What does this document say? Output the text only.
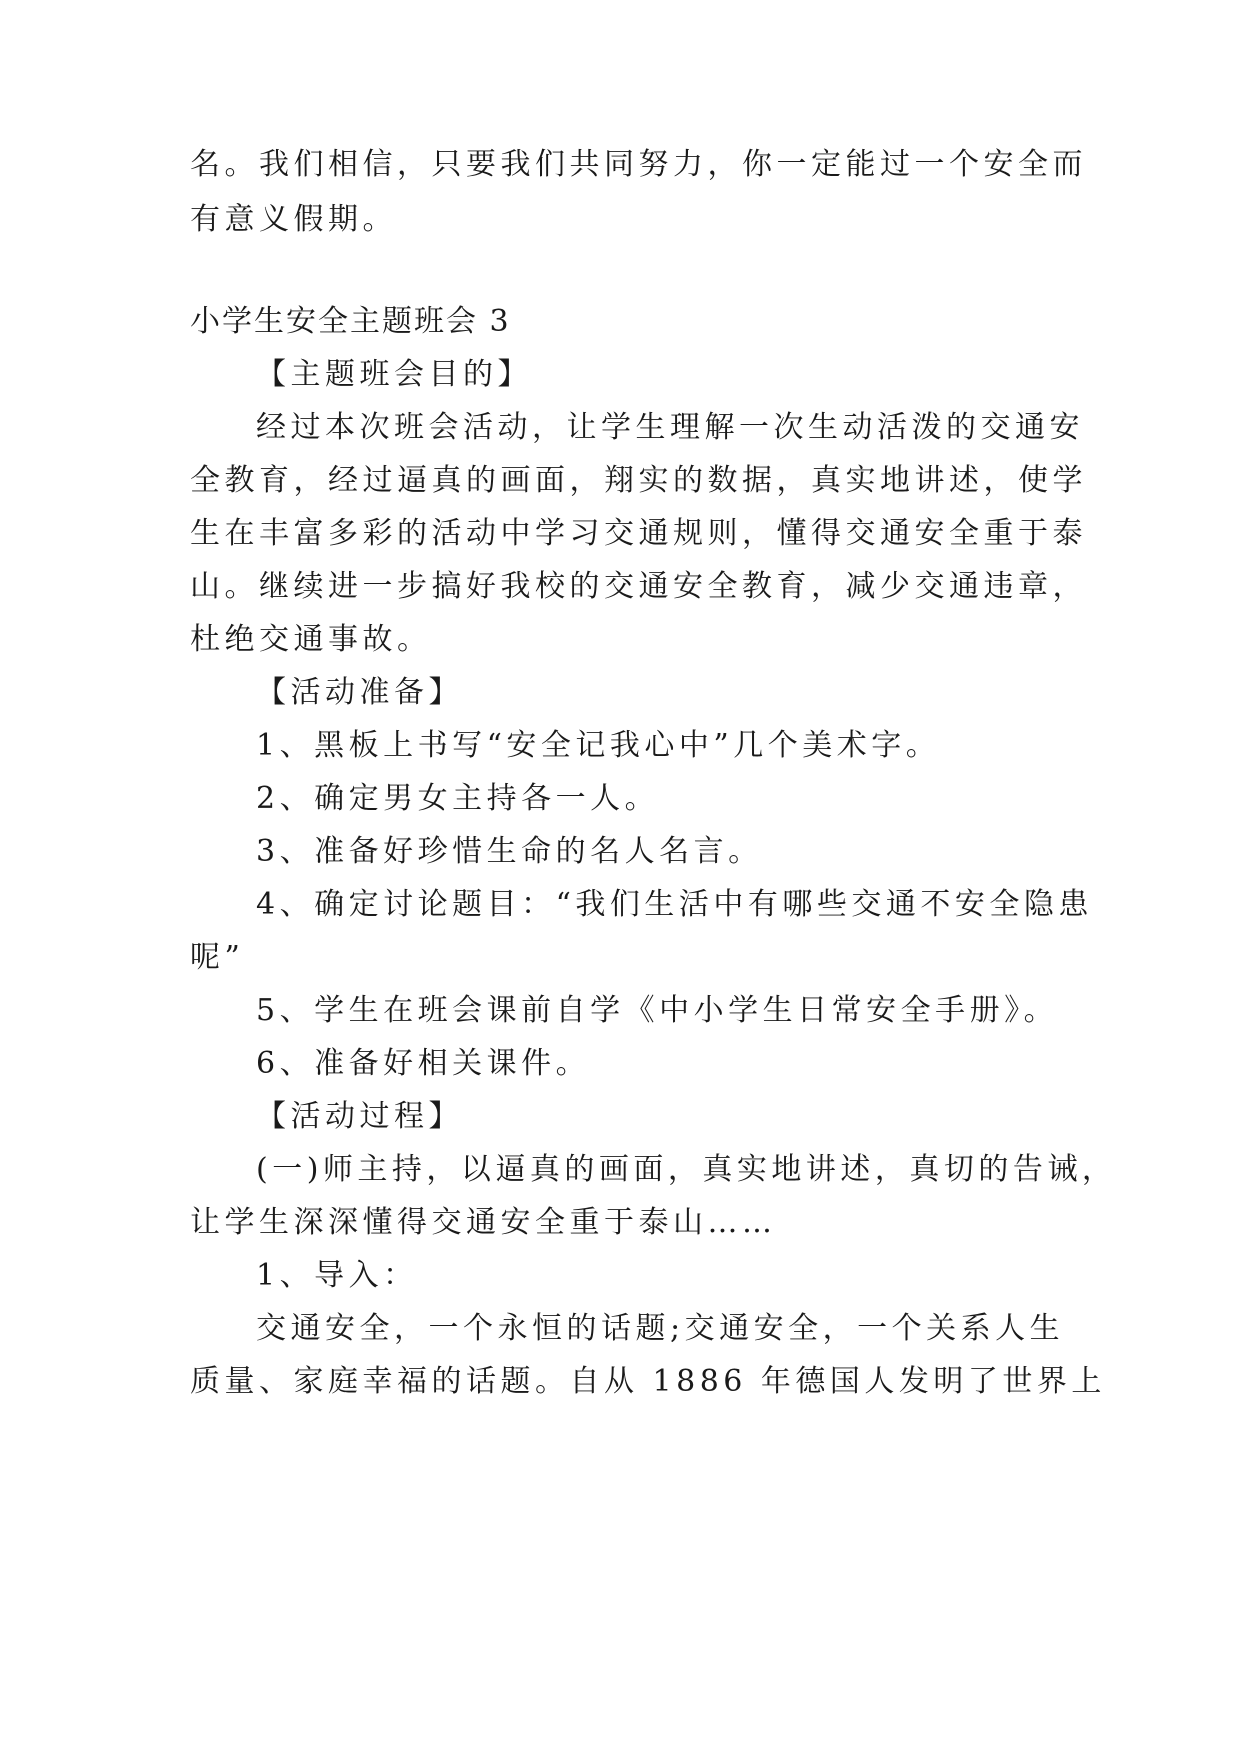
名。我们相信，只要我们共同努力，你一定能过一个安全而
有意义假期。
小学生安全主题班会 3
【主题班会目的】
经过本次班会活动，让学生理解一次生动活泼的交通安
全教育，经过逼真的画面，翔实的数据，真实地讲述，使学
生在丰富多彩的活动中学习交通规则，懂得交通安全重于泰
山。继续进一步搞好我校的交通安全教育，减少交通违章，
杜绝交通事故。
【活动准备】
1、黑板上书写“安全记我心中”几个美术字。
2、确定男女主持各一人。
3、准备好珍惜生命的名人名言。
4、确定讨论题目：“我们生活中有哪些交通不安全隐患
呢”
5、学生在班会课前自学《中小学生日常安全手册》。
6、准备好相关课件。
【活动过程】
(一)师主持，以逼真的画面，真实地讲述，真切的告诫，
让学生深深懂得交通安全重于泰山……
1、导入：
交通安全，一个永恒的话题;交通安全，一个关系人生
质量、家庭幸福的话题。自从 1886 年德国人发明了世界上
